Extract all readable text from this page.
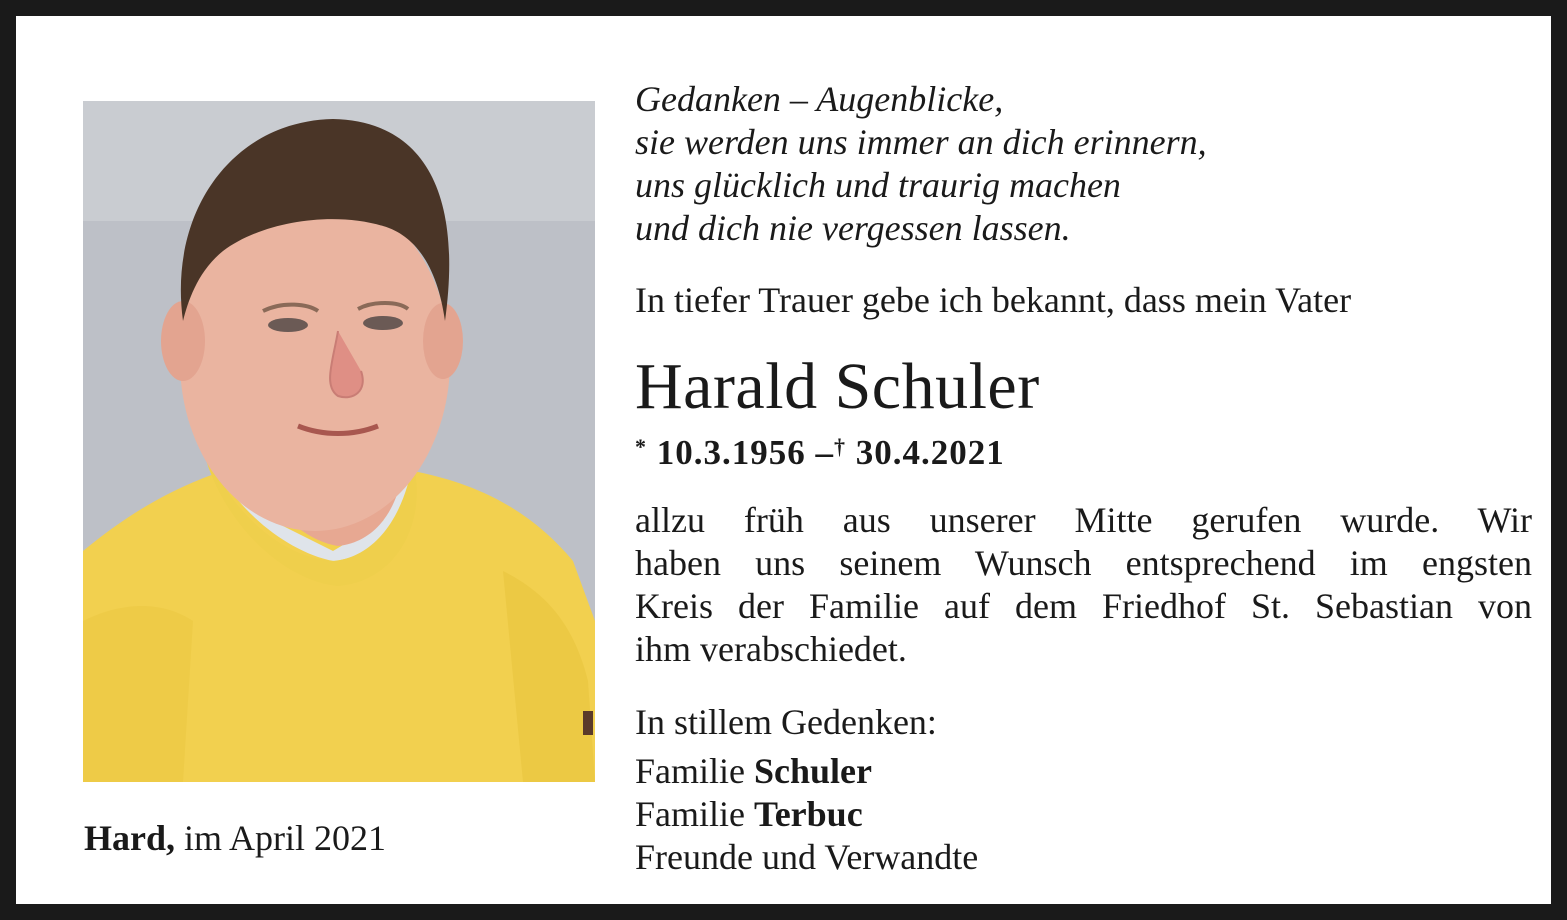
Hard, im April 2021
Gedanken – Augenblicke,
sie werden uns immer an dich erinnern,
uns glücklich und traurig machen
und dich nie vergessen lassen.
In tiefer Trauer gebe ich bekannt, dass mein Vater
Harald Schuler
* 10.3.1956 –† 30.4.2021
allzu früh aus unserer Mitte gerufen wurde. Wir
haben uns seinem Wunsch entsprechend im engsten
Kreis der Familie auf dem Friedhof St. Sebastian von
ihm verabschiedet.
In stillem Gedenken:
Familie Schuler
Familie Terbuc
Freunde und Verwandte
